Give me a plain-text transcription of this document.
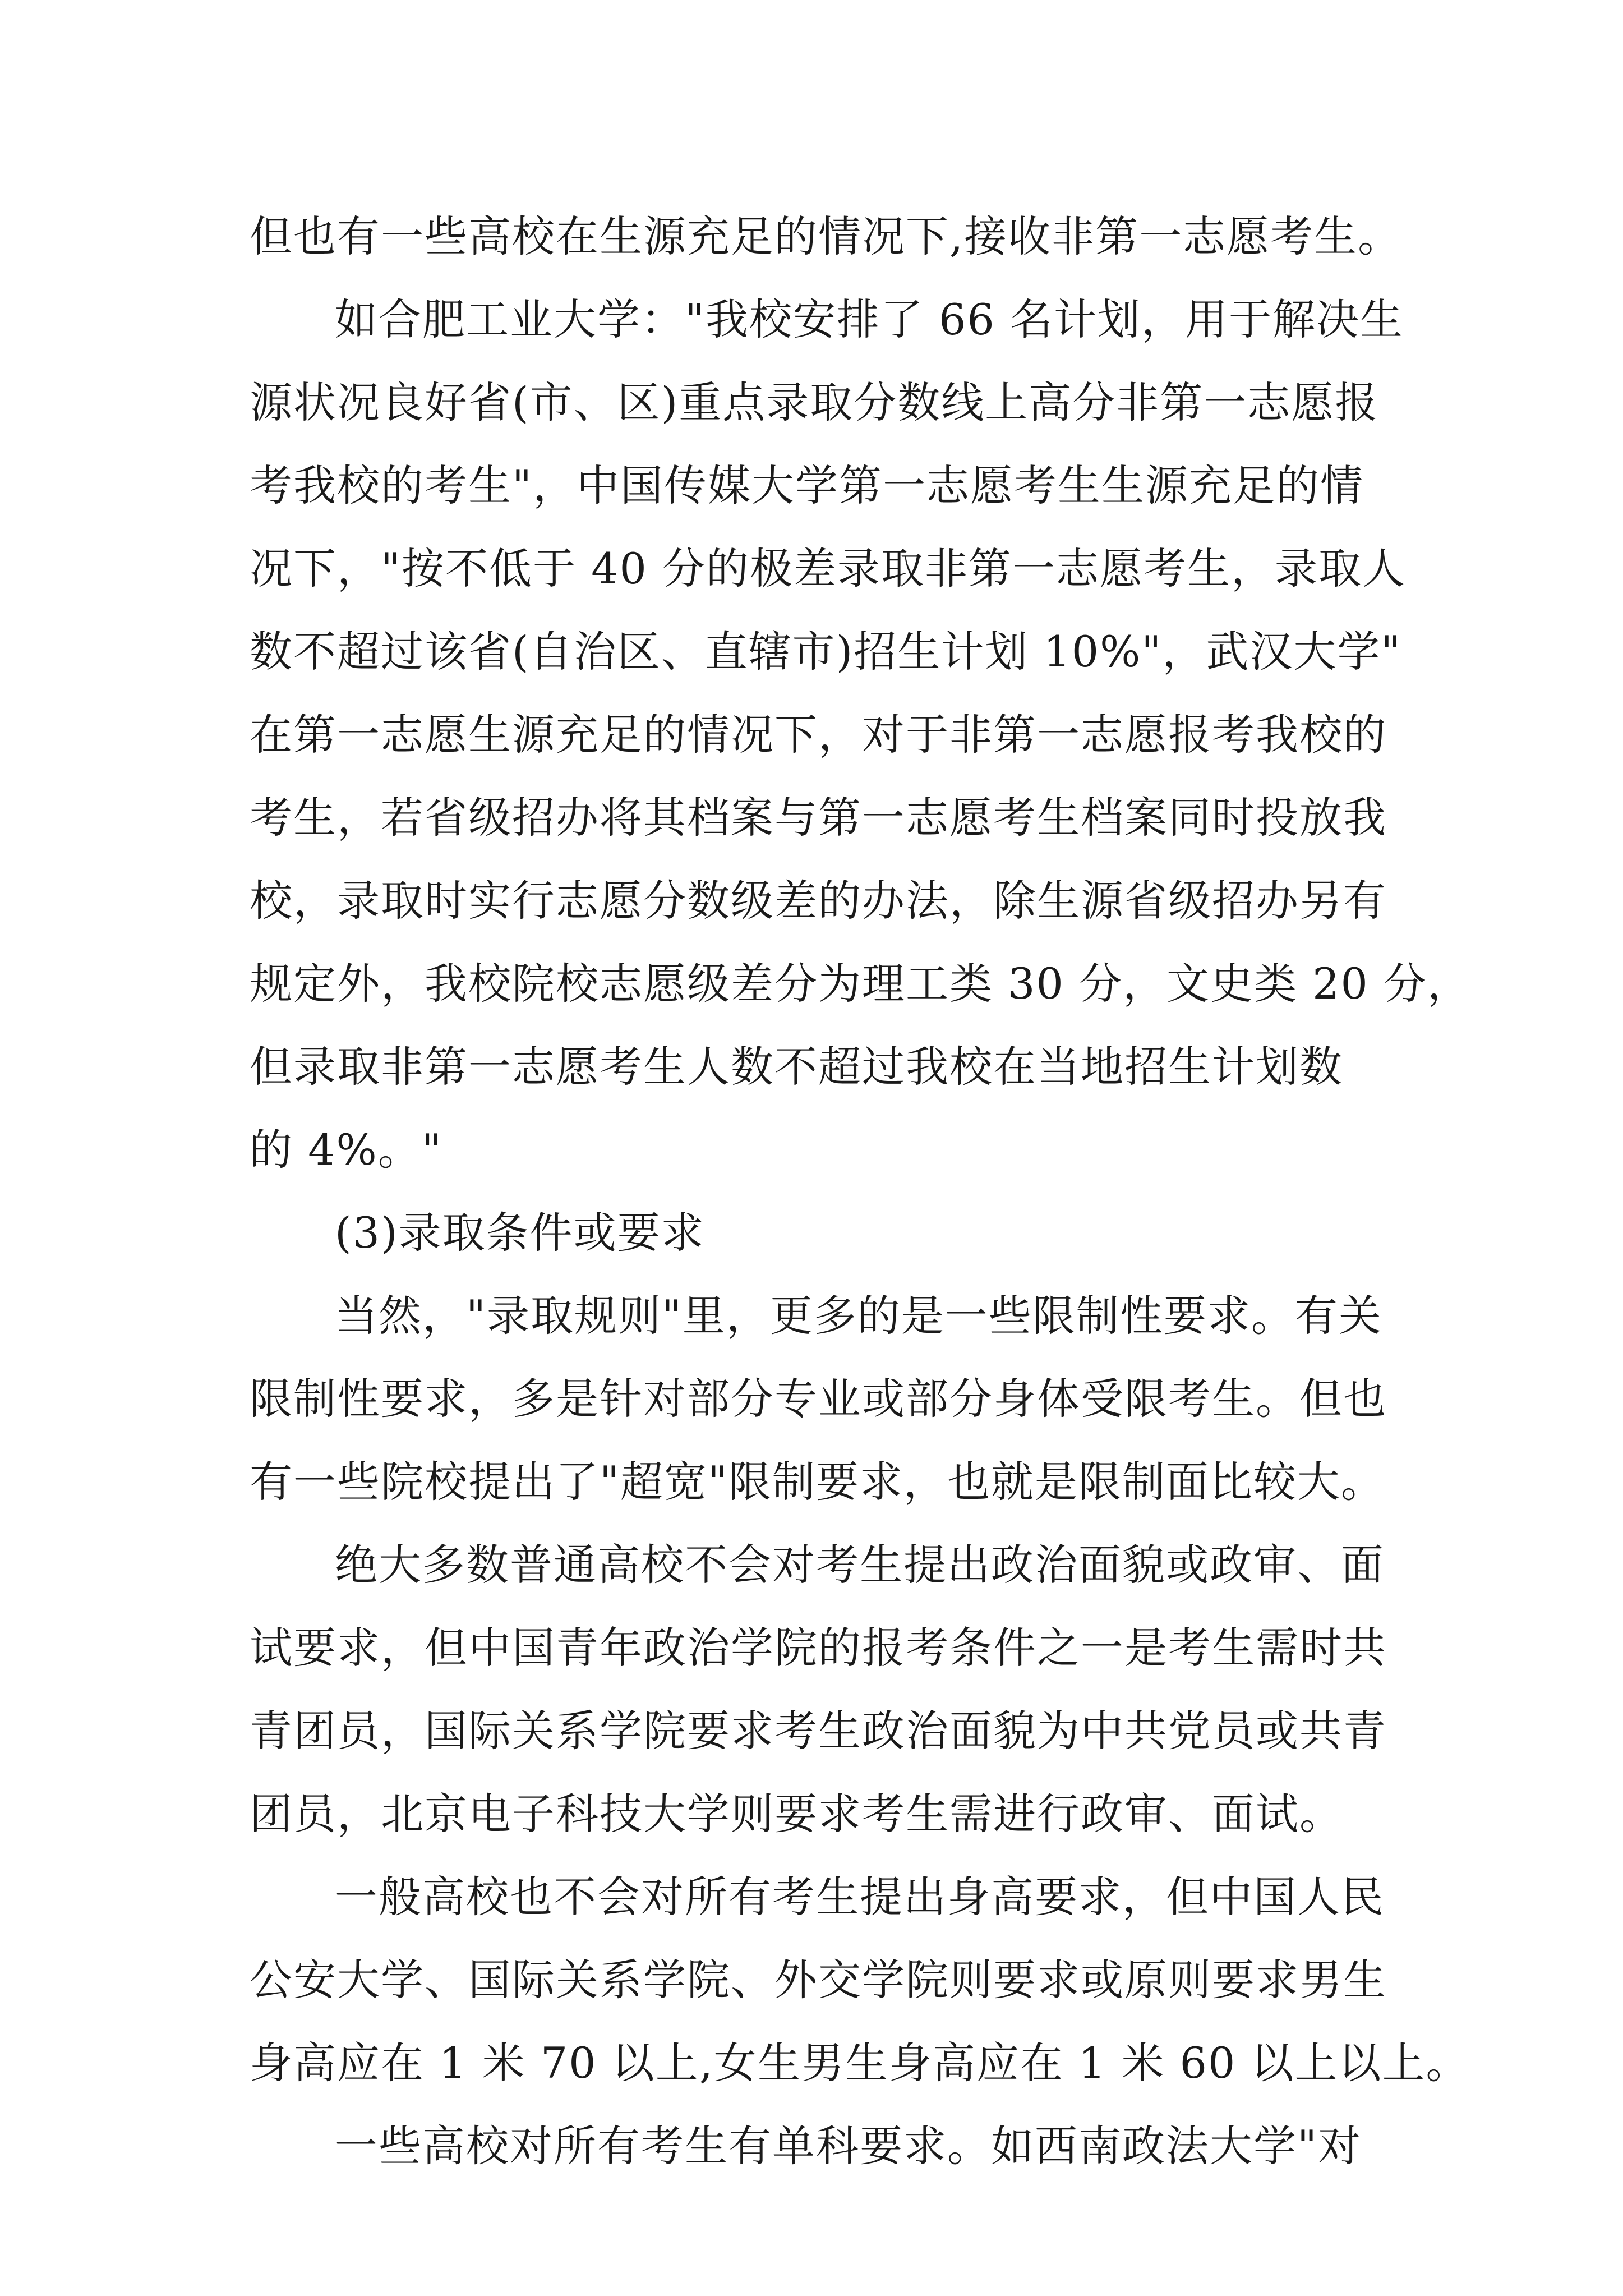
但也有一些高校在生源充足的情况下,接收非第一志愿考生。
如合肥工业大学："我校安排了 66 名计划，用于解决生
源状况良好省(市、区)重点录取分数线上高分非第一志愿报
考我校的考生"，中国传媒大学第一志愿考生生源充足的情
况下，"按不低于 40 分的极差录取非第一志愿考生，录取人
数不超过该省(自治区、直辖市)招生计划 10%"，武汉大学"
在第一志愿生源充足的情况下，对于非第一志愿报考我校的
考生，若省级招办将其档案与第一志愿考生档案同时投放我
校，录取时实行志愿分数级差的办法，除生源省级招办另有
规定外，我校院校志愿级差分为理工类 30 分，文史类 20 分，
但录取非第一志愿考生人数不超过我校在当地招生计划数
的 4%。"
(3)录取条件或要求
当然，"录取规则"里，更多的是一些限制性要求。有关
限制性要求，多是针对部分专业或部分身体受限考生。但也
有一些院校提出了"超宽"限制要求，也就是限制面比较大。
绝大多数普通高校不会对考生提出政治面貌或政审、面
试要求，但中国青年政治学院的报考条件之一是考生需时共
青团员，国际关系学院要求考生政治面貌为中共党员或共青
团员，北京电子科技大学则要求考生需进行政审、面试。
一般高校也不会对所有考生提出身高要求，但中国人民
公安大学、国际关系学院、外交学院则要求或原则要求男生
身高应在 1 米 70 以上,女生男生身高应在 1 米 60 以上以上。
一些高校对所有考生有单科要求。如西南政法大学"对
